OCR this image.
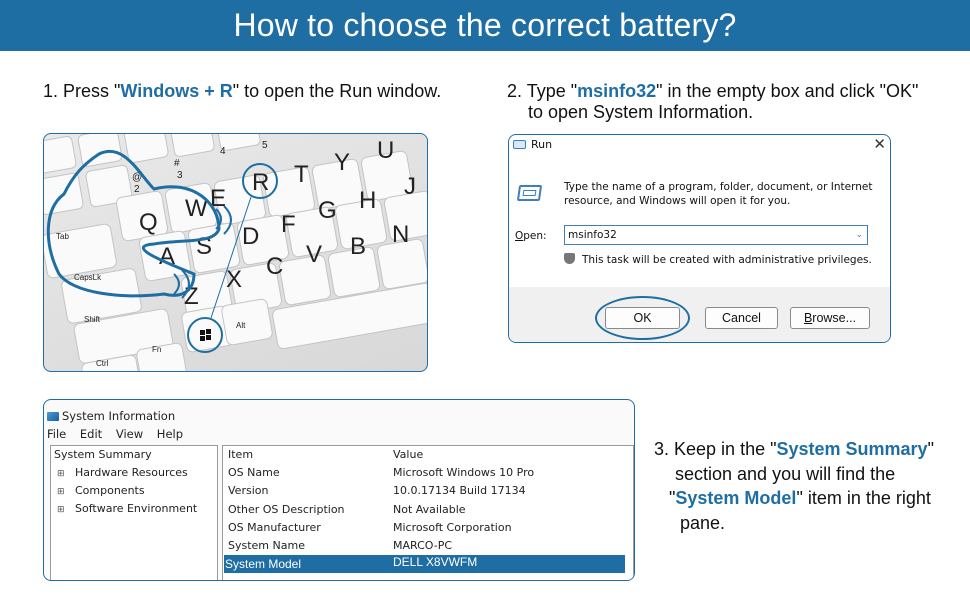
How to choose the correct battery?
1. Press "Windows + R" to open the Run window.	2. Type "msinfo32" in the empty box and click "OK"
to open System Information.
Q
W E
R T Y U
A S D F
G H
J
Z
X C V B N
Tab
CapsLk
Shift
Ctrl
Fn
Alt
@
2
#
3
4
5	Run	✕
Type the name of a program, folder, document, or Internet resource, and Windows will open it for you.
Open:	msinfo32	⌄
This task will be created with administrative privileges.
OK	Cancel	Browse...
System Information
File Edit View Help
System Summary
⊞ Hardware Resources
⊞ Components
⊞ Software Environment
Item	Value
OS Name	Microsoft Windows 10 Pro
Version	10.0.17134 Build 17134
Other OS Description	Not Available
OS Manufacturer	Microsoft Corporation
System Name	MARCO-PC
System Model	DELL X8VWFM
3. Keep in the "System Summary"
section and you will find the
"System Model" item in the right
pane.
